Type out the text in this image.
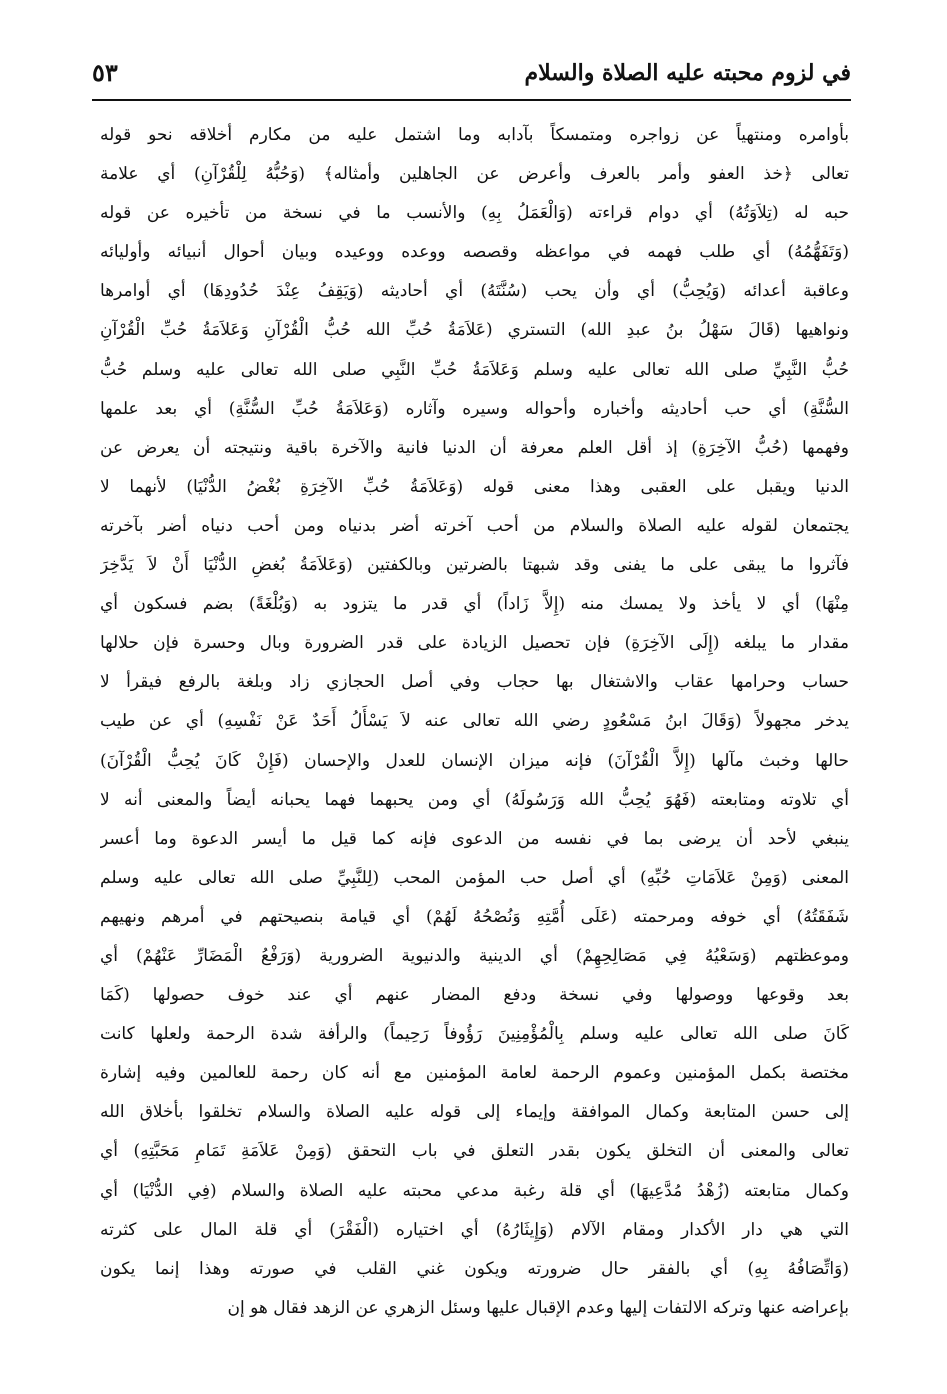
في لزوم محبته عليه الصلاة والسلام
٥٣
بأوامره ومنتهياً عن زواجره ومتمسكاً بآدابه وما اشتمل عليه من مكارم أخلاقه نحو قوله
تعالى ﴿خذ العفو وأمر بالعرف وأعرض عن الجاهلين وأمثاله﴾ (وَحُبُّهُ لِلْقُرْآنِ) أي علامة
حبه له (تِلاَوَتُهُ) أي دوام قراءته (وَالْعَمَلُ بِهِ) والأنسب ما في نسخة من تأخيره عن قوله
(وَتَفَهُّمُهُ) أي طلب فهمه في مواعظه وقصصه ووعده ووعيده وبيان أحوال أنبيائه وأوليائه
وعاقبة أعدائه (وَيُحِبُّ) أي وأن يحب (سُنَّتَهُ) أي أحاديثه (وَيَقِفُ عِنْدَ حُدُودِهَا) أي أوامرها
ونواهيها (قَالَ سَهْلُ بنُ عبدِ الله) التستري (عَلاَمَةُ حُبِّ الله حُبُّ الْقُرْآنِ وَعَلاَمَةُ حُبِّ الْقُرْآنِ
حُبُّ النَّبِيِّ صلى الله تعالى عليه وسلم وَعَلاَمَةُ حُبِّ النَّبِي صلى الله تعالى عليه وسلم حُبُّ
السُّنَّةِ) أي حب أحاديثه وأخباره وأحواله وسيره وآثاره (وَعَلاَمَةُ حُبِّ السُّنَّةِ) أي بعد علمها
وفهمها (حُبُّ الآخِرَةِ) إذ أقل العلم معرفة أن الدنيا فانية والآخرة باقية ونتيجته أن يعرض عن
الدنيا ويقبل على العقبى وهذا معنى قوله (وَعَلاَمَةُ حُبِّ الآخِرَةِ بُغْضُ الدُّنْيَا) لأنهما لا
يجتمعان لقوله عليه الصلاة والسلام من أحب آخرته أضر بدنياه ومن أحب دنياه أضر بآخرته
فآثروا ما يبقى على ما يفنى وقد شبهتا بالضرتين وبالكفتين (وَعَلاَمَةُ بُغضِ الدُّنْيَا أَنْ لاَ يَدَّخِرَ
مِنْهَا) أي لا يأخذ ولا يمسك منه (إِلاَّ زَاداً) أي قدر ما يتزود به (وَبُلْغَةً) بضم فسكون أي
مقدار ما يبلغه (إِلَى الآخِرَةِ) فإن تحصيل الزيادة على قدر الضرورة وبال وحسرة فإن حلالها
حساب وحرامها عقاب والاشتغال بها حجاب وفي أصل الحجازي زاد وبلغة بالرفع فيقرأ لا
يدخر مجهولاً (وَقَالَ ابنُ مَسْعُودٍ رضي الله تعالى عنه لاَ يَسْأَلُ أَحَدٌ عَنْ نَفْسِهِ) أي عن طيب
حالها وخبث مآلها (إِلاَّ الْقُرْآنَ) فإنه ميزان الإنسان للعدل والإحسان (فَإِنْ كَانَ يُحِبُّ الْقُرْآنَ)
أي تلاوته ومتابعته (فَهُوَ يُحِبُّ الله وَرَسُولَهُ) أي ومن يحبهما فهما يحبانه أيضاً والمعنى أنه لا
ينبغي لأحد أن يرضى بما في نفسه من الدعوى فإنه كما قيل ما أيسر الدعوة وما أعسر
المعنى (وَمِنْ عَلاَمَاتِ حُبِّهِ) أي أصل حب المؤمن المحب (لِلنَّبِيِّ صلى الله تعالى عليه وسلم
شَفَقَتُهُ) أي خوفه ومرحمته (عَلَى أُمَّتِهِ وَنُصْحُهُ لَهُمْ) أي قيامة بنصيحتهم في أمرهم ونهيهم
وموعظتهم (وَسَعْيُهُ فِي مَصَالِحِهِمْ) أي الدينية والدنيوية الضرورية (وَرَفْعُ الْمَضَارِّ عَنْهُمْ) أي
بعد وقوعها ووصولها وفي نسخة ودفع المضار عنهم أي عند خوف حصولها (كَمَا
كَانَ صلى الله تعالى عليه وسلم بِالْمُؤْمِنِينَ رَؤُوفاً رَحِيماً) والرأفة شدة الرحمة ولعلها كانت
مختصة بكمل المؤمنين وعموم الرحمة لعامة المؤمنين مع أنه كان رحمة للعالمين وفيه إشارة
إلى حسن المتابعة وكمال الموافقة وإيماء إلى قوله عليه الصلاة والسلام تخلقوا بأخلاق الله
تعالى والمعنى أن التخلق يكون بقدر التعلق في باب التحقق (وَمِنْ عَلاَمَةِ تَمَامِ مَحَبَّتِهِ) أي
وكمال متابعته (زُهْدُ مُدَّعِيهَا) أي قلة رغبة مدعي محبته عليه الصلاة والسلام (فِي الدُّنْيَا) أي
التي هي دار الأكدار ومقام الآلام (وَإِيثَارُهُ) أي اختياره (الْفَقْرَ) أي قلة المال على كثرته
(وَاتِّصَافُهُ بِهِ) أي بالفقر حال ضرورته ويكون غني القلب في صورته وهذا إنما يكون
بإعراضه عنها وتركه الالتفات إليها وعدم الإقبال عليها وسئل الزهري عن الزهد فقال هو إن
